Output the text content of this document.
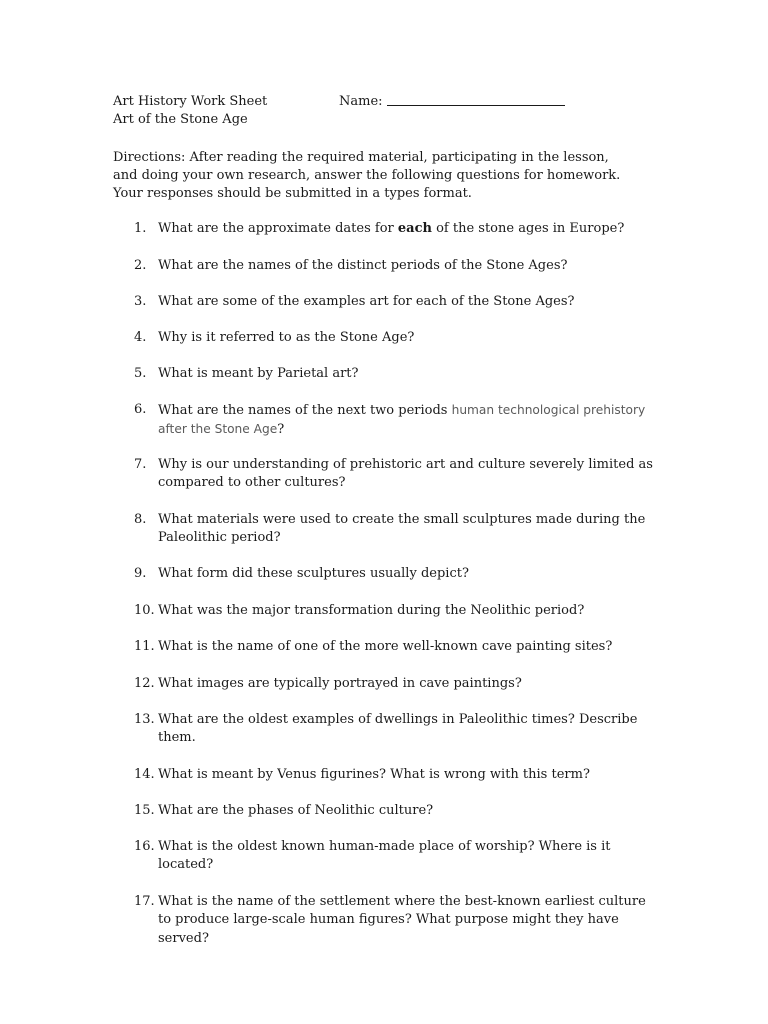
Art History Work Sheet	Name:
Art of the Stone Age
Directions: After reading the required material, participating in the lesson, and doing your own research, answer the following questions for homework. Your responses should be submitted in a types format.
1. What are the approximate dates for each of the stone ages in Europe?
2. What are the names of the distinct periods of the Stone Ages?
3. What are some of the examples art for each of the Stone Ages?
4. Why is it referred to as the Stone Age?
5. What is meant by Parietal art?
6. What are the names of the next two periods human technological prehistory after the Stone Age?
7. Why is our understanding of prehistoric art and culture severely limited as compared to other cultures?
8. What materials were used to create the small sculptures made during the Paleolithic period?
9. What form did these sculptures usually depict?
10. What was the major transformation during the Neolithic period?
11. What is the name of one of the more well-known cave painting sites?
12. What images are typically portrayed in cave paintings?
13. What are the oldest examples of dwellings in Paleolithic times? Describe them.
14. What is meant by Venus figurines? What is wrong with this term?
15. What are the phases of Neolithic culture?
16. What is the oldest known human-made place of worship? Where is it located?
17. What is the name of the settlement where the best-known earliest culture to produce large-scale human figures? What purpose might they have served?
